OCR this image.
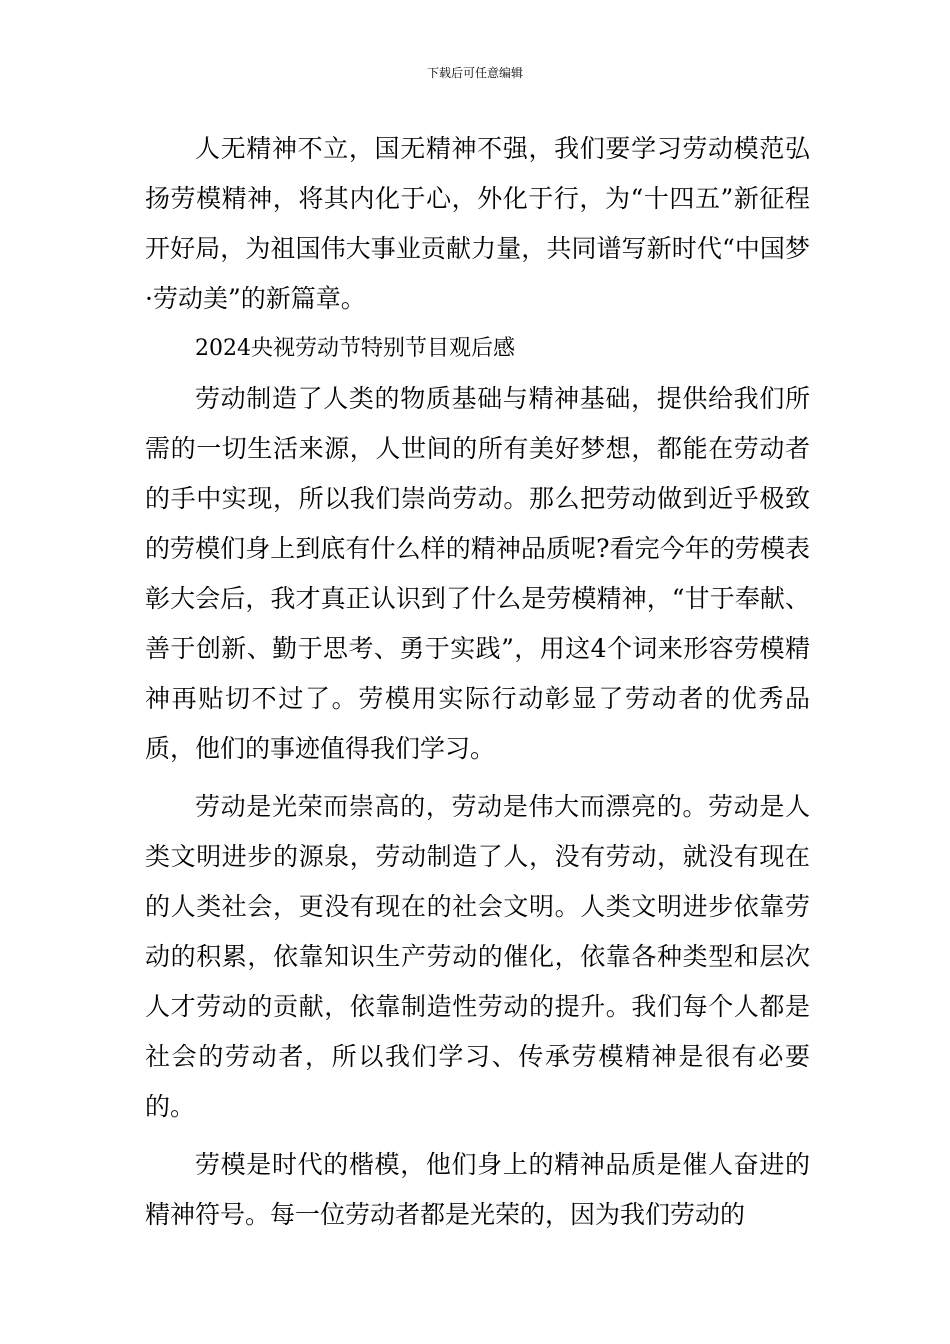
下载后可任意编辑

人无精神不立，国无精神不强，我们要学习劳动模范弘扬劳模精神，将其内化于心，外化于行，为“十四五”新征程开好局，为祖国伟大事业贡献力量，共同谱写新时代“中国梦·劳动美”的新篇章。

2024央视劳动节特别节目观后感

劳动制造了人类的物质基础与精神基础，提供给我们所需的一切生活来源，人世间的所有美好梦想，都能在劳动者的手中实现，所以我们崇尚劳动。那么把劳动做到近乎极致的劳模们身上到底有什么样的精神品质呢?看完今年的劳模表彰大会后，我才真正认识到了什么是劳模精神，“甘于奉献、善于创新、勤于思考、勇于实践”，用这4个词来形容劳模精神再贴切不过了。劳模用实际行动彰显了劳动者的优秀品质，他们的事迹值得我们学习。

劳动是光荣而崇高的，劳动是伟大而漂亮的。劳动是人类文明进步的源泉，劳动制造了人，没有劳动，就没有现在的人类社会，更没有现在的社会文明。人类文明进步依靠劳动的积累，依靠知识生产劳动的催化，依靠各种类型和层次人才劳动的贡献，依靠制造性劳动的提升。我们每个人都是社会的劳动者，所以我们学习、传承劳模精神是很有必要的。

劳模是时代的楷模，他们身上的精神品质是催人奋进的精神符号。每一位劳动者都是光荣的，因为我们劳动的
